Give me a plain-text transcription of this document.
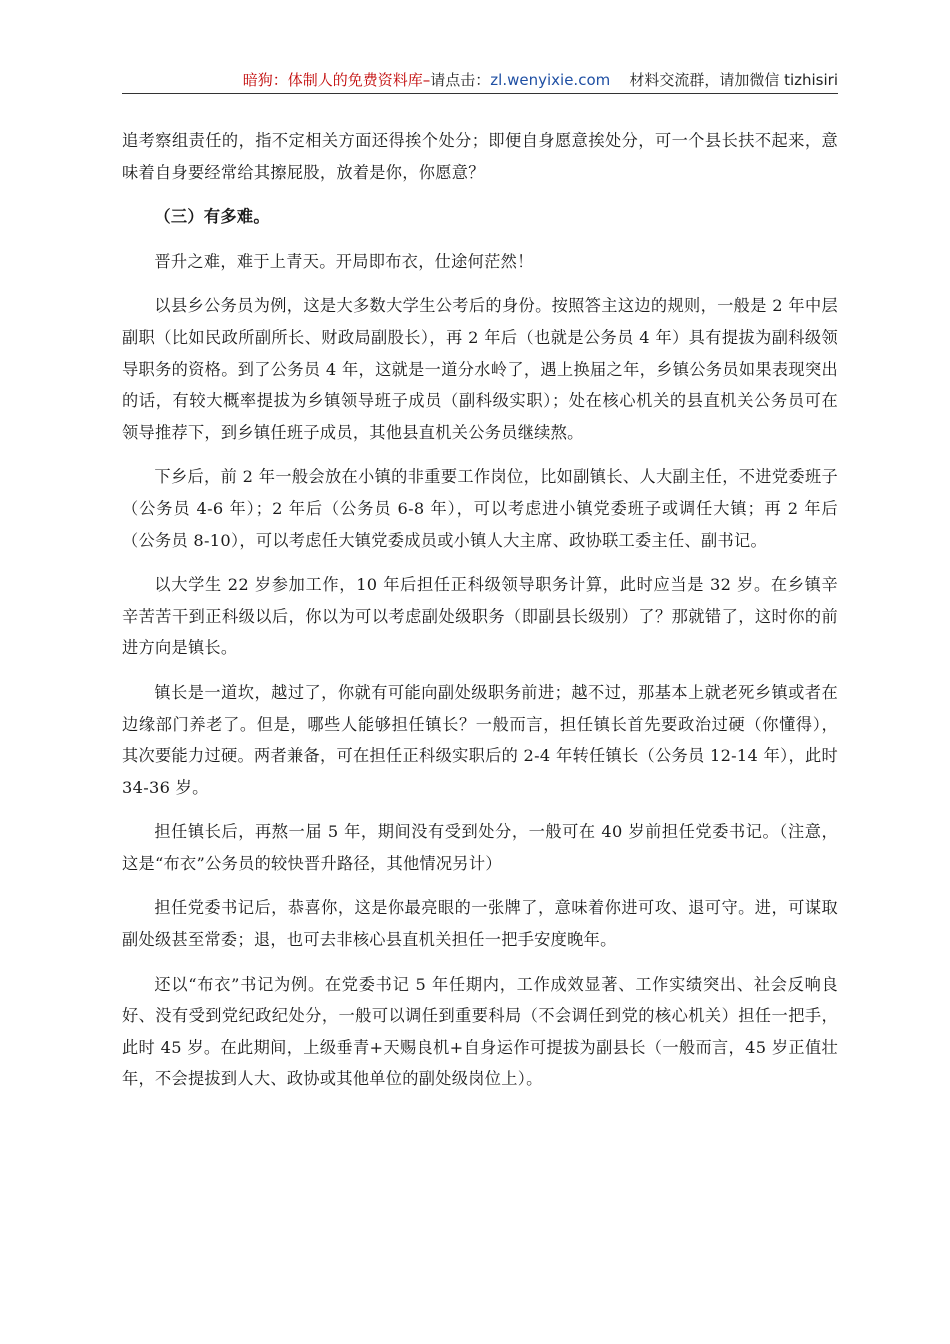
暗狗：体制人的免费资料库–请点击：zl.wenyixie.com 材料交流群，请加微信 tizhisiri

追考察组责任的，指不定相关方面还得挨个处分；即便自身愿意挨处分，可一个县长扶不起来，意味着自身要经常给其擦屁股，放着是你，你愿意？

（三）有多难。

晋升之难，难于上青天。开局即布衣，仕途何茫然！

以县乡公务员为例，这是大多数大学生公考后的身份。按照答主这边的规则，一般是 2 年中层副职（比如民政所副所长、财政局副股长），再 2 年后（也就是公务员 4 年）具有提拔为副科级领导职务的资格。到了公务员 4 年，这就是一道分水岭了，遇上换届之年，乡镇公务员如果表现突出的话，有较大概率提拔为乡镇领导班子成员（副科级实职）；处在核心机关的县直机关公务员可在领导推荐下，到乡镇任班子成员，其他县直机关公务员继续熬。

下乡后，前 2 年一般会放在小镇的非重要工作岗位，比如副镇长、人大副主任，不进党委班子（公务员 4-6 年）；2 年后（公务员 6-8 年），可以考虑进小镇党委班子或调任大镇；再 2 年后（公务员 8-10），可以考虑任大镇党委成员或小镇人大主席、政协联工委主任、副书记。

以大学生 22 岁参加工作，10 年后担任正科级领导职务计算，此时应当是 32 岁。在乡镇辛辛苦苦干到正科级以后，你以为可以考虑副处级职务（即副县长级别）了？那就错了，这时你的前进方向是镇长。

镇长是一道坎，越过了，你就有可能向副处级职务前进；越不过，那基本上就老死乡镇或者在边缘部门养老了。但是，哪些人能够担任镇长？一般而言，担任镇长首先要政治过硬（你懂得），其次要能力过硬。两者兼备，可在担任正科级实职后的 2-4 年转任镇长（公务员 12-14 年），此时 34-36 岁。

担任镇长后，再熬一届 5 年，期间没有受到处分，一般可在 40 岁前担任党委书记。（注意，这是“布衣”公务员的较快晋升路径，其他情况另计）

担任党委书记后，恭喜你，这是你最亮眼的一张牌了，意味着你进可攻、退可守。进，可谋取副处级甚至常委；退，也可去非核心县直机关担任一把手安度晚年。

还以“布衣”书记为例。在党委书记 5 年任期内，工作成效显著、工作实绩突出、社会反响良好、没有受到党纪政纪处分，一般可以调任到重要科局（不会调任到党的核心机关）担任一把手，此时 45 岁。在此期间，上级垂青+天赐良机+自身运作可提拔为副县长（一般而言，45 岁正值壮年，不会提拔到人大、政协或其他单位的副处级岗位上）。
